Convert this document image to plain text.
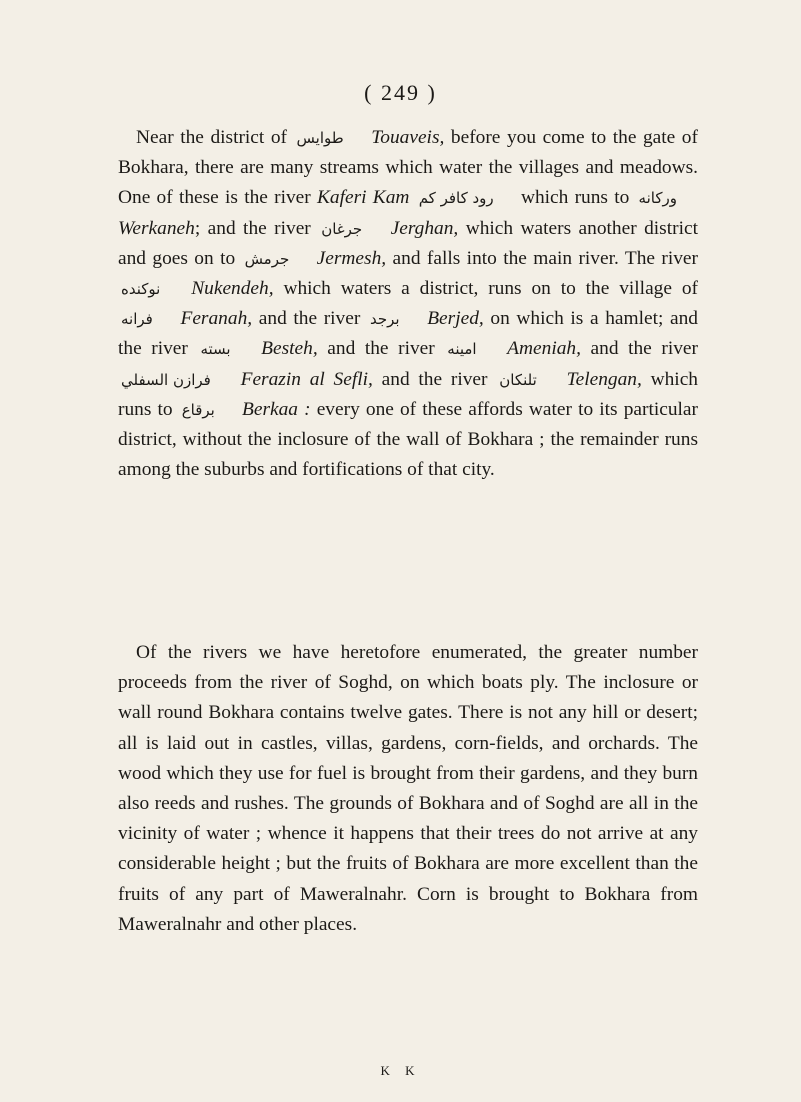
( 249 )

Near the district of طوايس Touaveis, before you come to the gate of Bokhara, there are many streams which water the villages and meadows. One of these is the river Kaferi Kam رود كافر كم which runs to ورکانه Werkaneh; and the river جرغان Jerghan, which waters another district and goes on to جرمش Jermesh, and falls into the main river. The river نوکنده Nukendeh, which waters a district, runs on to the village of فرانه Feranah, and the river برجد Berjed, on which is a hamlet; and the river بسته Besteh, and the river امينه Ameniah, and the river فرازن السفلي Ferazin al Sefli, and the river تلنکان Telengan, which runs to برقاع Berkaa : every one of these affords water to its particular district, without the inclosure of the wall of Bokhara ; the remainder runs among the suburbs and fortifications of that city.

Of the rivers we have heretofore enumerated, the greater number proceeds from the river of Soghd, on which boats ply. The inclosure or wall round Bokhara contains twelve gates. There is not any hill or desert; all is laid out in castles, villas, gardens, corn-fields, and orchards. The wood which they use for fuel is brought from their gardens, and they burn also reeds and rushes. The grounds of Bokhara and of Soghd are all in the vicinity of water ; whence it happens that their trees do not arrive at any considerable height ; but the fruits of Bokhara are more excellent than the fruits of any part of Maweralnahr. Corn is brought to Bokhara from Maweralnahr and other places.

K K
